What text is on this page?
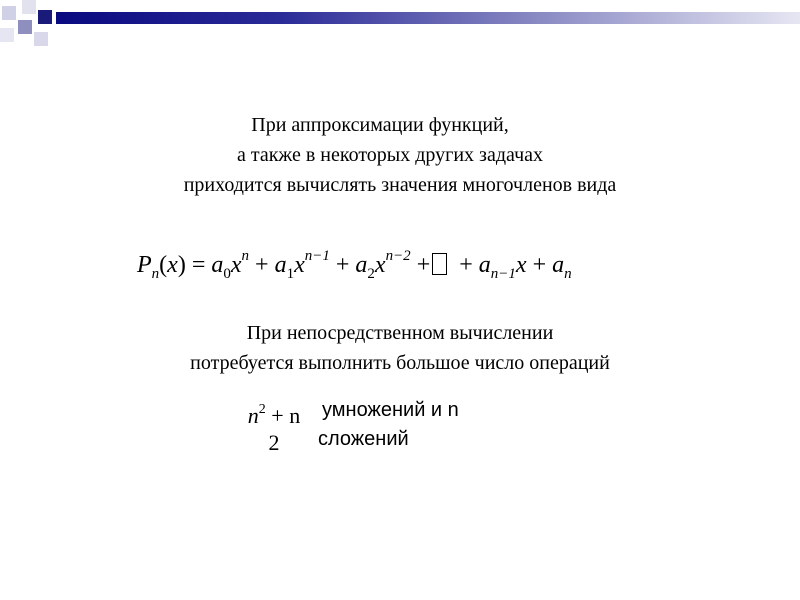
При аппроксимации функций,
а также в некоторых других задачах
приходится вычислять значения многочленов вида
$P_n(x) = a_0x^n + a_1x^{n-1} + a_2x^{n-2}$ + + $a_{n-1}x + a_n$
При непосредственном вычислении
потребуется выполнить большое число операций
$n^2 + n$
2
умножений и n
сложений
